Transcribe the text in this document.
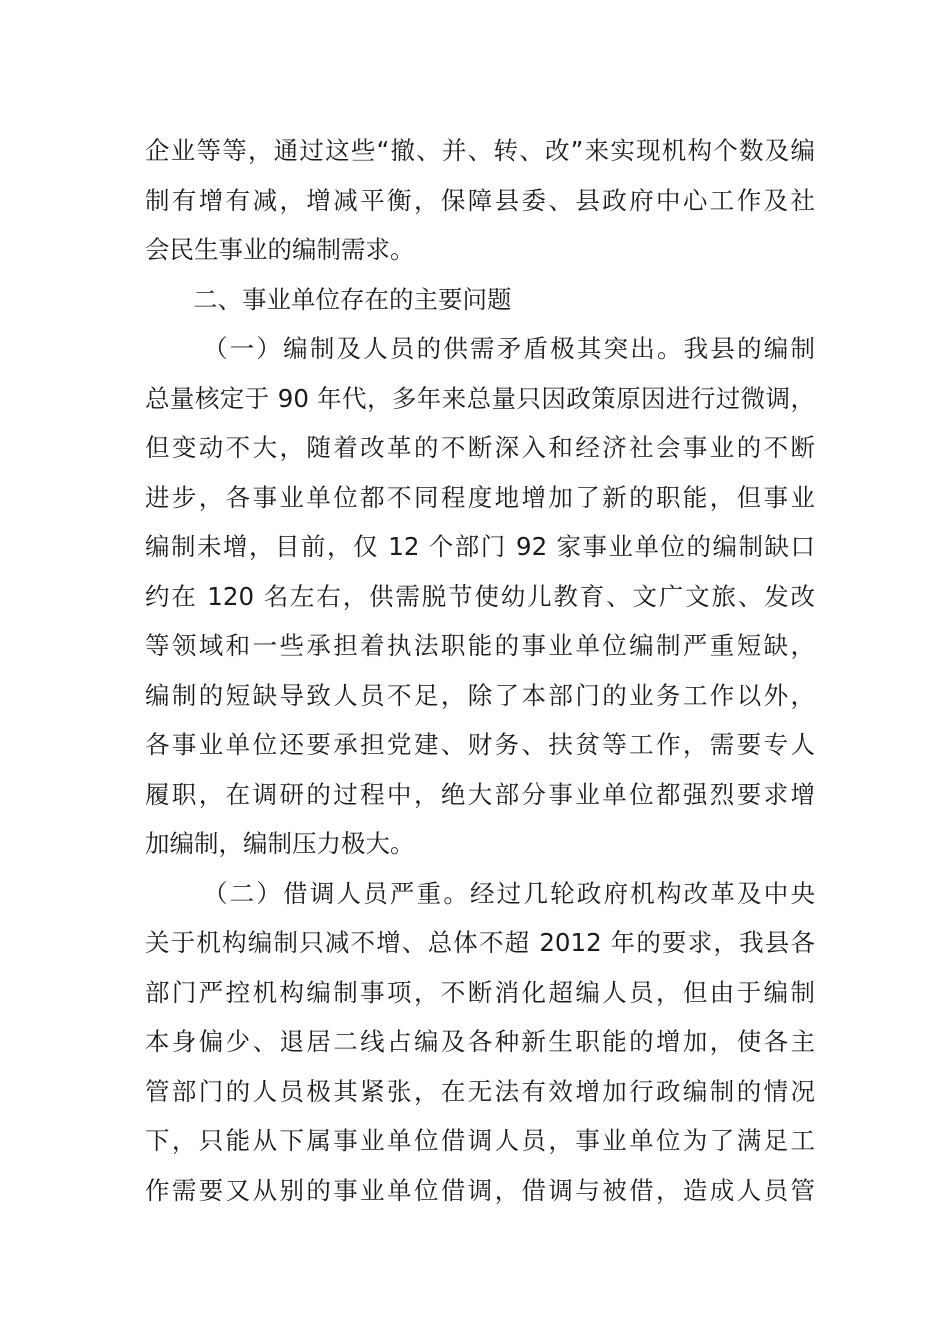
企业等等，通过这些“撤、并、转、改”来实现机构个数及编
制有增有减，增减平衡，保障县委、县政府中心工作及社
会民生事业的编制需求。
二、事业单位存在的主要问题
（一）编制及人员的供需矛盾极其突出。我县的编制
总量核定于 90 年代，多年来总量只因政策原因进行过微调，
但变动不大，随着改革的不断深入和经济社会事业的不断
进步，各事业单位都不同程度地增加了新的职能，但事业
编制未增，目前，仅 12 个部门 92 家事业单位的编制缺口
约在 120 名左右，供需脱节使幼儿教育、文广文旅、发改
等领域和一些承担着执法职能的事业单位编制严重短缺，
编制的短缺导致人员不足，除了本部门的业务工作以外，
各事业单位还要承担党建、财务、扶贫等工作，需要专人
履职，在调研的过程中，绝大部分事业单位都强烈要求增
加编制，编制压力极大。
（二）借调人员严重。经过几轮政府机构改革及中央
关于机构编制只减不增、总体不超 2012 年的要求，我县各
部门严控机构编制事项，不断消化超编人员，但由于编制
本身偏少、退居二线占编及各种新生职能的增加，使各主
管部门的人员极其紧张，在无法有效增加行政编制的情况
下，只能从下属事业单位借调人员，事业单位为了满足工
作需要又从别的事业单位借调，借调与被借，造成人员管
